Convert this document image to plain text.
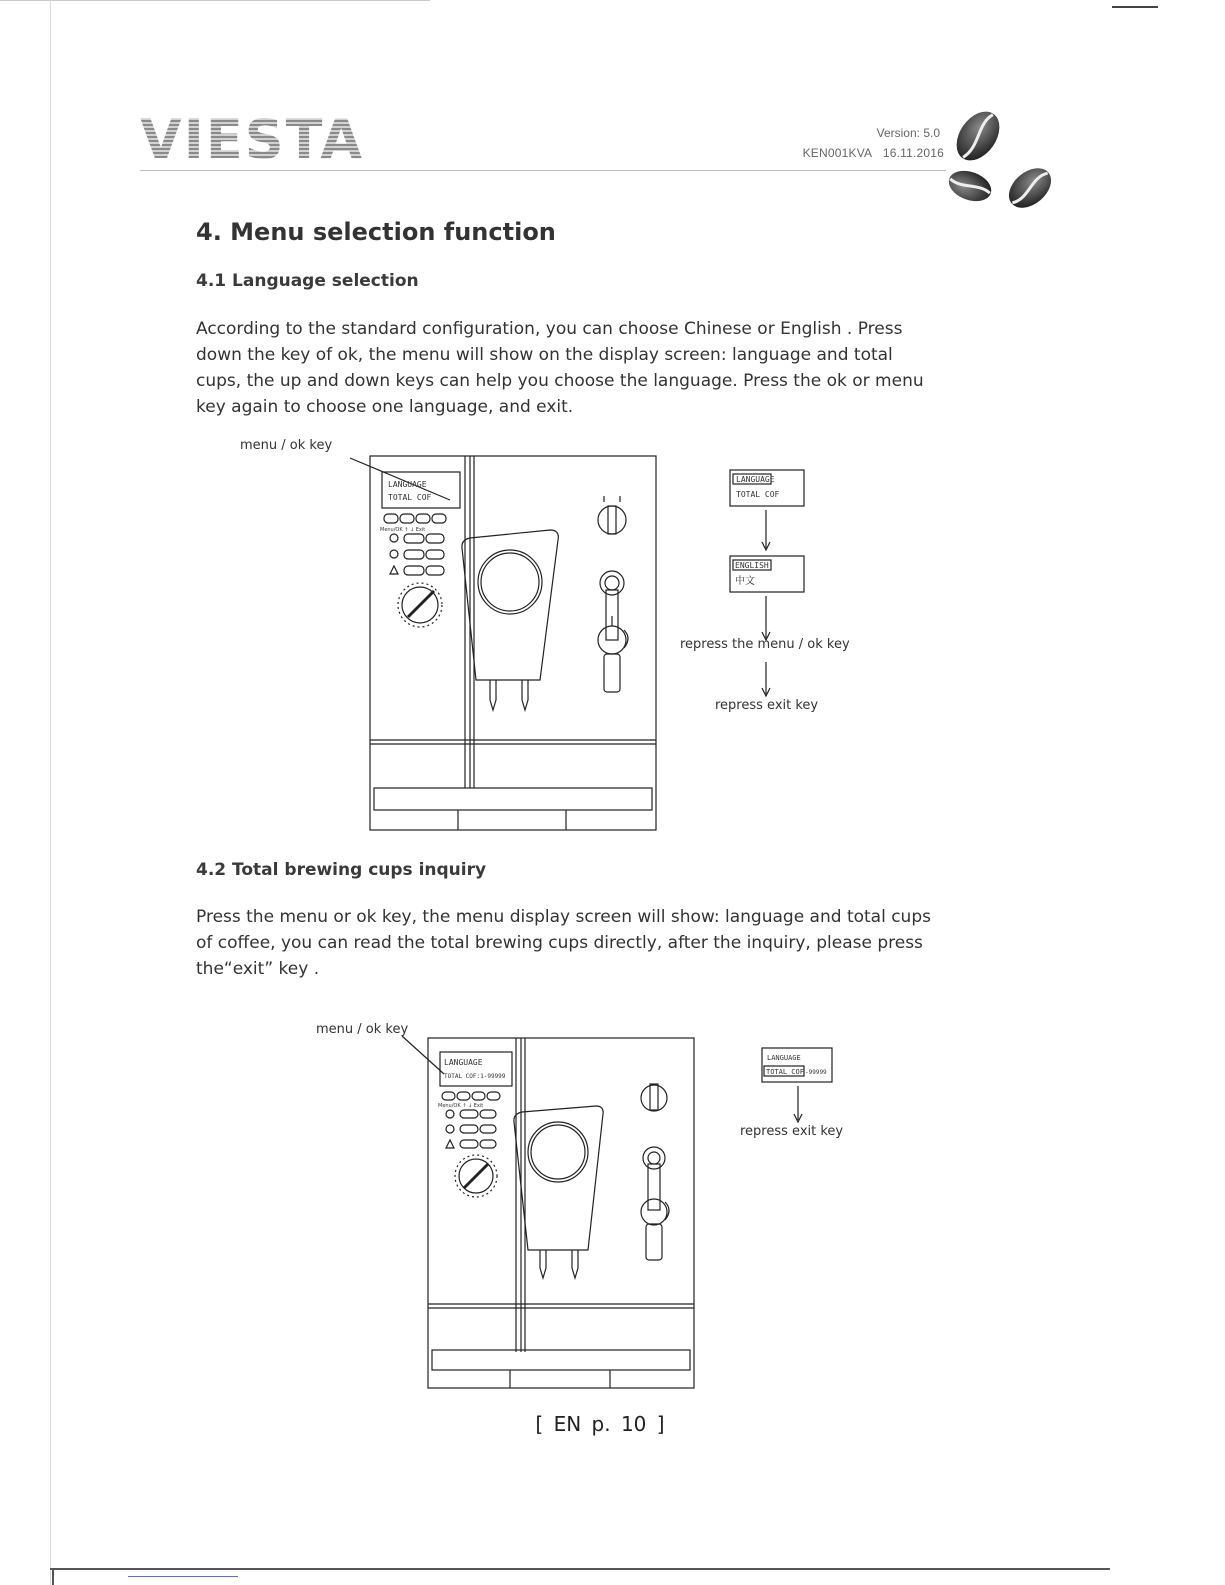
VIESTA	Version: 5.0
KEN001KVA 16.11.2016
4. Menu selection function
4.1 Language selection
According to the standard configuration, you can choose Chinese or English . Press
down the key of ok, the menu will show on the display screen: language and total
cups, the up and down keys can help you choose the language. Press the ok or menu
key again to choose one language, and exit.
menu / ok key
LANGUAGE
TOTAL COF
Menu/OK ↑ ↓ Exit
LANGUAGE
TOTAL COF
ENGLISH
中文
repress the menu / ok key
repress exit key
4.2 Total brewing cups inquiry
Press the menu or ok key, the menu display screen will show: language and total cups
of coffee, you can read the total brewing cups directly, after the inquiry, please press
the“exit” key .
menu / ok key
LANGUAGE
TOTAL COF:1-99999
Menu/OK ↑ ↓ Exit
LANGUAGE
TOTAL COF -99999
repress exit key
[ EN p. 10 ]
